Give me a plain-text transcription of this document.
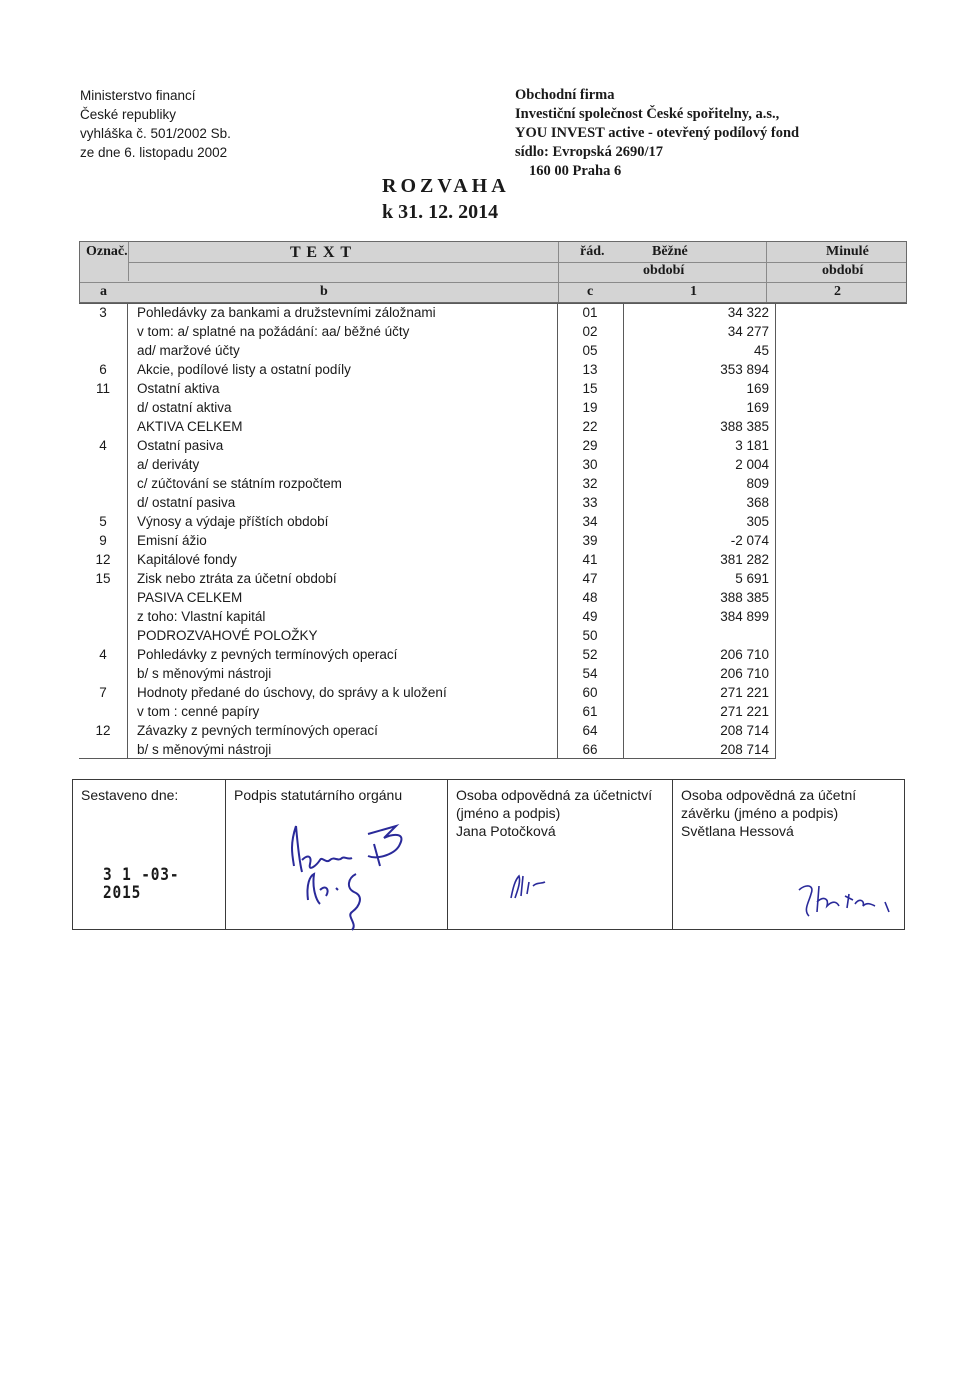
Ministerstvo financí
České republiky
vyhláška č. 501/2002 Sb.
ze dne 6. listopadu 2002
Obchodní firma
Investiční společnost České spořitelny, a.s.,
YOU INVEST active - otevřený podílový fond
sídlo: Evropská 2690/17
160 00 Praha 6
ROZVAHA
k 31. 12. 2014
Označ.	T E X T	řád.	Běžné
období
Minulé
období
a	b	c	1	2
3	Pohledávky za bankami a družstevními záložnami	01	34 322
v tom: a/ splatné na požádání: aa/ běžné účty	02	34 277
ad/ maržové účty	05	45
6	Akcie, podílové listy a ostatní podíly	13	353 894
11	Ostatní aktiva	15	169
d/ ostatní aktiva	19	169
AKTIVA CELKEM	22	388 385
4	Ostatní pasiva	29	3 181
a/ deriváty	30	2 004
c/ zúčtování se státním rozpočtem	32	809
d/ ostatní pasiva	33	368
5	Výnosy a výdaje příštích období	34	305
9	Emisní ážio	39	-2 074
12	Kapitálové fondy	41	381 282
15	Zisk nebo ztráta za účetní období	47	5 691
PASIVA CELKEM	48	388 385
z toho: Vlastní kapitál	49	384 899
PODROZVAHOVÉ POLOŽKY	50
4	Pohledávky z pevných termínových operací	52	206 710
b/ s měnovými nástroji	54	206 710
7	Hodnoty předané do úschovy, do správy a k uložení	60	271 221
v tom : cenné papíry	61	271 221
12	Závazky z pevných termínových operací	64	208 714
b/ s měnovými nástroji	66	208 714
Sestaveno dne:
3 1 -03- 2015
Podpis statutárního orgánu	Osoba odpovědná za účetnictví
(jméno a podpis)
Jana Potočková
Osoba odpovědná za účetní
závěrku (jméno a podpis)
Světlana Hessová
